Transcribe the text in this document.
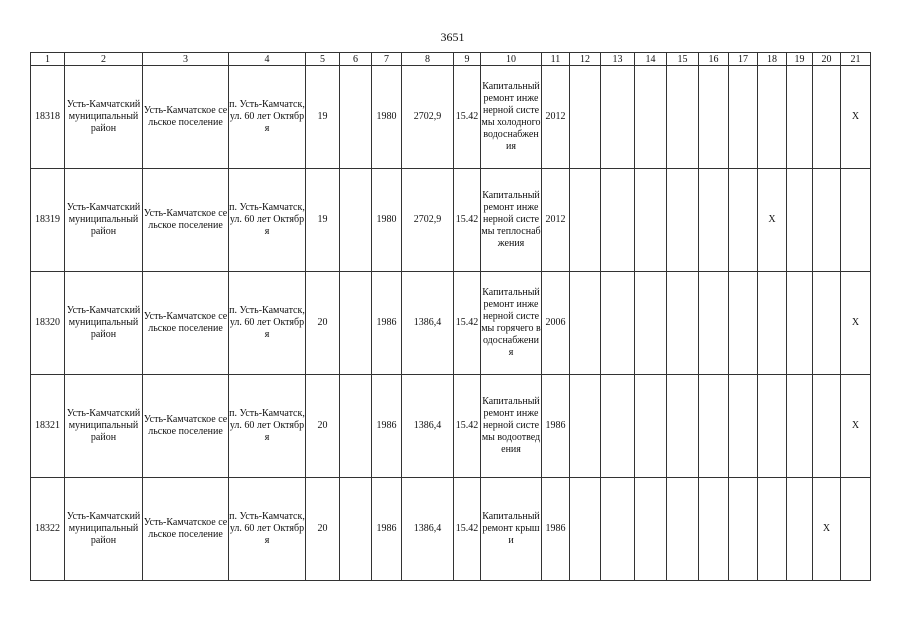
3651
1	2	3	4	5	6	7	8	9	10	11	12	13	14	15	16	17	18	19	20	21
18318	Усть-Камчатский муниципальный район	Усть-Камчатское сельское поселение	п. Усть-Камчатск, ул. 60 лет Октября	19		1980	2702,9	15.42	Капитальный ремонт инженерной системы холодного водоснабжения	2012										X
18319	Усть-Камчатский муниципальный район	Усть-Камчатское сельское поселение	п. Усть-Камчатск, ул. 60 лет Октября	19		1980	2702,9	15.42	Капитальный ремонт инженерной системы теплоснабжения	2012							X			
18320	Усть-Камчатский муниципальный район	Усть-Камчатское сельское поселение	п. Усть-Камчатск, ул. 60 лет Октября	20		1986	1386,4	15.42	Капитальный ремонт инженерной системы горячего водоснабжения	2006										X
18321	Усть-Камчатский муниципальный район	Усть-Камчатское сельское поселение	п. Усть-Камчатск, ул. 60 лет Октября	20		1986	1386,4	15.42	Капитальный ремонт инженерной системы водоотведения	1986										X
18322	Усть-Камчатский муниципальный район	Усть-Камчатское сельское поселение	п. Усть-Камчатск, ул. 60 лет Октября	20		1986	1386,4	15.42	Капитальный ремонт крыши	1986									X	
